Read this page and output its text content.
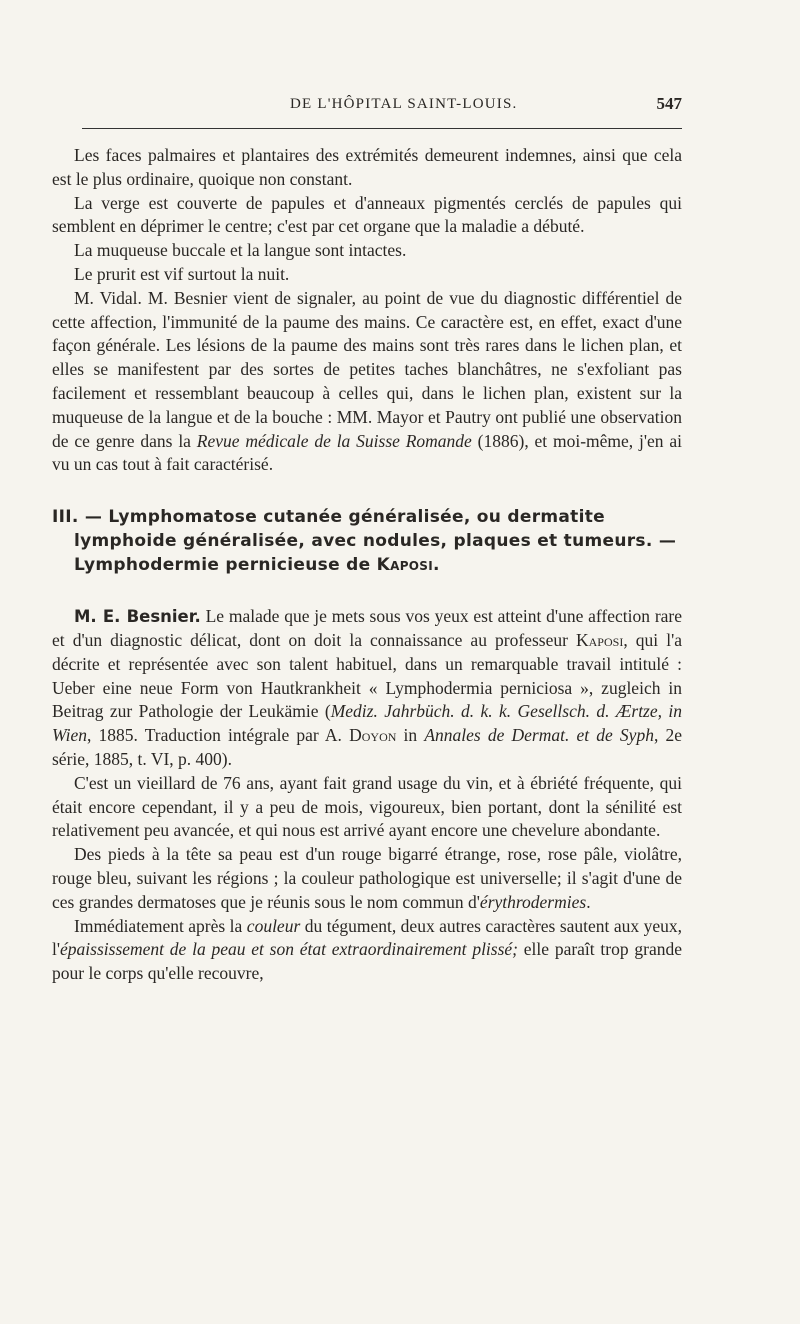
DE L'HÔPITAL SAINT-LOUIS.	547

Les faces palmaires et plantaires des extrémités demeurent indemnes, ainsi que cela est le plus ordinaire, quoique non constant.

La verge est couverte de papules et d'anneaux pigmentés cerclés de papules qui semblent en déprimer le centre; c'est par cet organe que la maladie a débuté.

La muqueuse buccale et la langue sont intactes.

Le prurit est vif surtout la nuit.

M. Vidal. M. Besnier vient de signaler, au point de vue du diagnostic différentiel de cette affection, l'immunité de la paume des mains. Ce caractère est, en effet, exact d'une façon générale. Les lésions de la paume des mains sont très rares dans le lichen plan, et elles se manifestent par des sortes de petites taches blanchâtres, ne s'exfoliant pas facilement et ressemblant beaucoup à celles qui, dans le lichen plan, existent sur la muqueuse de la langue et de la bouche : MM. Mayor et Pautry ont publié une observation de ce genre dans la Revue médicale de la Suisse Romande (1886), et moi-même, j'en ai vu un cas tout à fait caractérisé.

III. — Lymphomatose cutanée généralisée, ou dermatite lymphoide généralisée, avec nodules, plaques et tumeurs. — Lymphodermie pernicieuse de Kaposi.

M. E. Besnier. Le malade que je mets sous vos yeux est atteint d'une affection rare et d'un diagnostic délicat, dont on doit la connaissance au professeur Kaposi, qui l'a décrite et représentée avec son talent habituel, dans un remarquable travail intitulé : Ueber eine neue Form von Hautkrankheit « Lymphodermia perniciosa », zugleich in Beitrag zur Pathologie der Leukämie (Mediz. Jahrbüch. d. k. k. Gesellsch. d. Ærtze, in Wien, 1885. Traduction intégrale par A. Doyon in Annales de Dermat. et de Syph, 2e série, 1885, t. VI, p. 400).

C'est un vieillard de 76 ans, ayant fait grand usage du vin, et à ébriété fréquente, qui était encore cependant, il y a peu de mois, vigoureux, bien portant, dont la sénilité est relativement peu avancée, et qui nous est arrivé ayant encore une chevelure abondante.

Des pieds à la tête sa peau est d'un rouge bigarré étrange, rose, rose pâle, violâtre, rouge bleu, suivant les régions ; la couleur pathologique est universelle; il s'agit d'une de ces grandes dermatoses que je réunis sous le nom commun d'érythrodermies.

Immédiatement après la couleur du tégument, deux autres caractères sautent aux yeux, l'épaississement de la peau et son état extraordinairement plissé; elle paraît trop grande pour le corps qu'elle recouvre,
